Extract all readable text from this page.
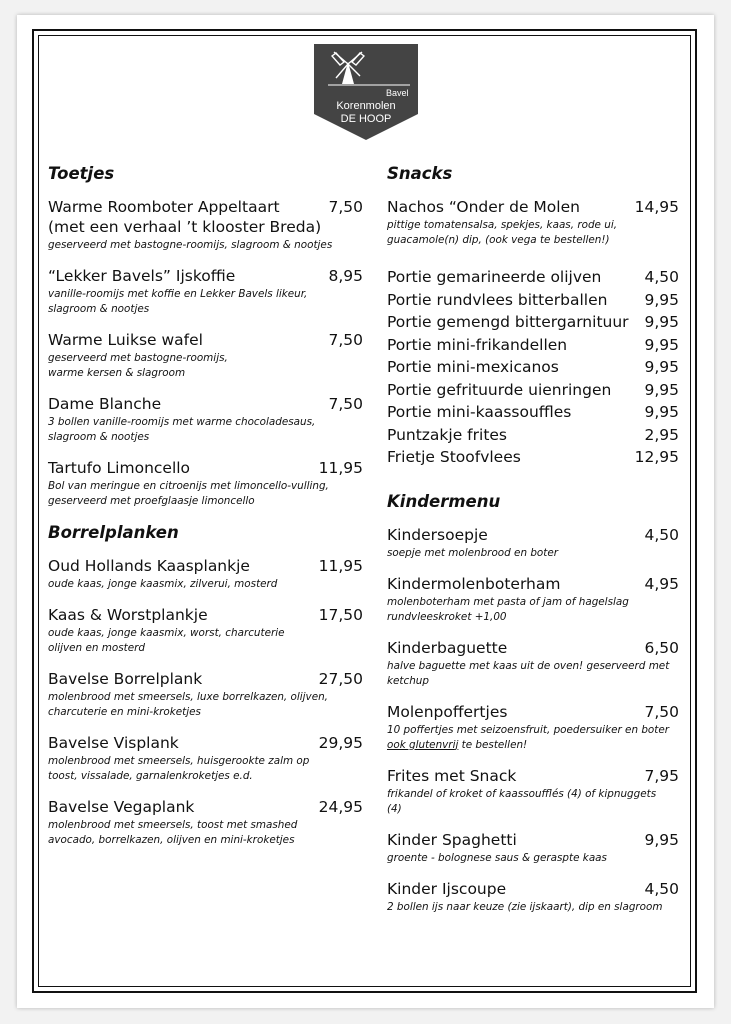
Bavel
Korenmolen
DE HOOP
Toetjes
Warme Roomboter Appeltaart	7,50
(met een verhaal ’t klooster Breda)
geserveerd met bastogne-roomijs, slagroom & nootjes
“Lekker Bavels” Ijskoffie	8,95
vanille-roomijs met koffie en Lekker Bavels likeur,
slagroom & nootjes
Warme Luikse wafel	7,50
geserveerd met bastogne-roomijs,
warme kersen & slagroom
Dame Blanche	7,50
3 bollen vanille-roomijs met warme chocoladesaus,
slagroom & nootjes
Tartufo Limoncello	11,95
Bol van meringue en citroenijs met limoncello-vulling,
geserveerd met proefglaasje limoncello
Borrelplanken
Oud Hollands Kaasplankje	11,95
oude kaas, jonge kaasmix, zilverui, mosterd
Kaas & Worstplankje	17,50
oude kaas, jonge kaasmix, worst, charcuterie
olijven en mosterd
Bavelse Borrelplank	27,50
molenbrood met smeersels, luxe borrelkazen, olijven,
charcuterie en mini-kroketjes
Bavelse Visplank	29,95
molenbrood met smeersels, huisgerookte zalm op
toost, vissalade, garnalenkroketjes e.d.
Bavelse Vegaplank	24,95
molenbrood met smeersels, toost met smashed
avocado, borrelkazen, olijven en mini-kroketjes
Snacks
Nachos “Onder de Molen	14,95
pittige tomatensalsa, spekjes, kaas, rode ui,
guacamole(n) dip, (ook vega te bestellen!)
Portie gemarineerde olijven	4,50
Portie rundvlees bitterballen	9,95
Portie gemengd bittergarnituur	9,95
Portie mini-frikandellen	9,95
Portie mini-mexicanos	9,95
Portie gefrituurde uienringen	9,95
Portie mini-kaassouffles	9,95
Puntzakje frites	2,95
Frietje Stoofvlees	12,95
Kindermenu
Kindersoepje	4,50
soepje met molenbrood en boter
Kindermolenboterham	4,95
molenboterham met pasta of jam of hagelslag
rundvleeskroket +1,00
Kinderbaguette	6,50
halve baguette met kaas uit de oven! geserveerd met
ketchup
Molenpoffertjes	7,50
10 poffertjes met seizoensfruit, poedersuiker en boter
ook glutenvrij te bestellen!
Frites met Snack	7,95
frikandel of kroket of kaassoufflés (4) of kipnuggets
(4)
Kinder Spaghetti	9,95
groente - bolognese saus & geraspte kaas
Kinder Ijscoupe	4,50
2 bollen ijs naar keuze (zie ijskaart), dip en slagroom
